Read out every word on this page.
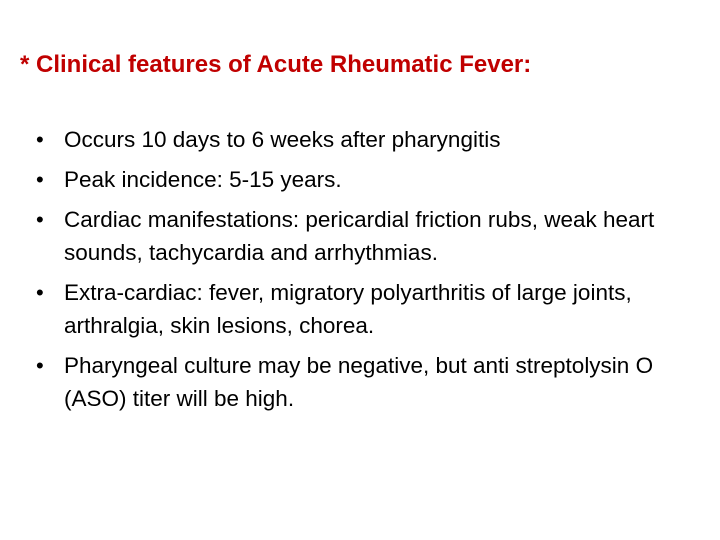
* Clinical features of Acute Rheumatic Fever:
• Occurs 10 days to 6 weeks after pharyngitis
• Peak incidence: 5-15 years.
• Cardiac manifestations: pericardial friction rubs, weak heart sounds, tachycardia and arrhythmias.
• Extra-cardiac: fever, migratory polyarthritis of large joints, arthralgia, skin lesions, chorea.
• Pharyngeal culture may be negative, but anti streptolysin O (ASO) titer will be high.
